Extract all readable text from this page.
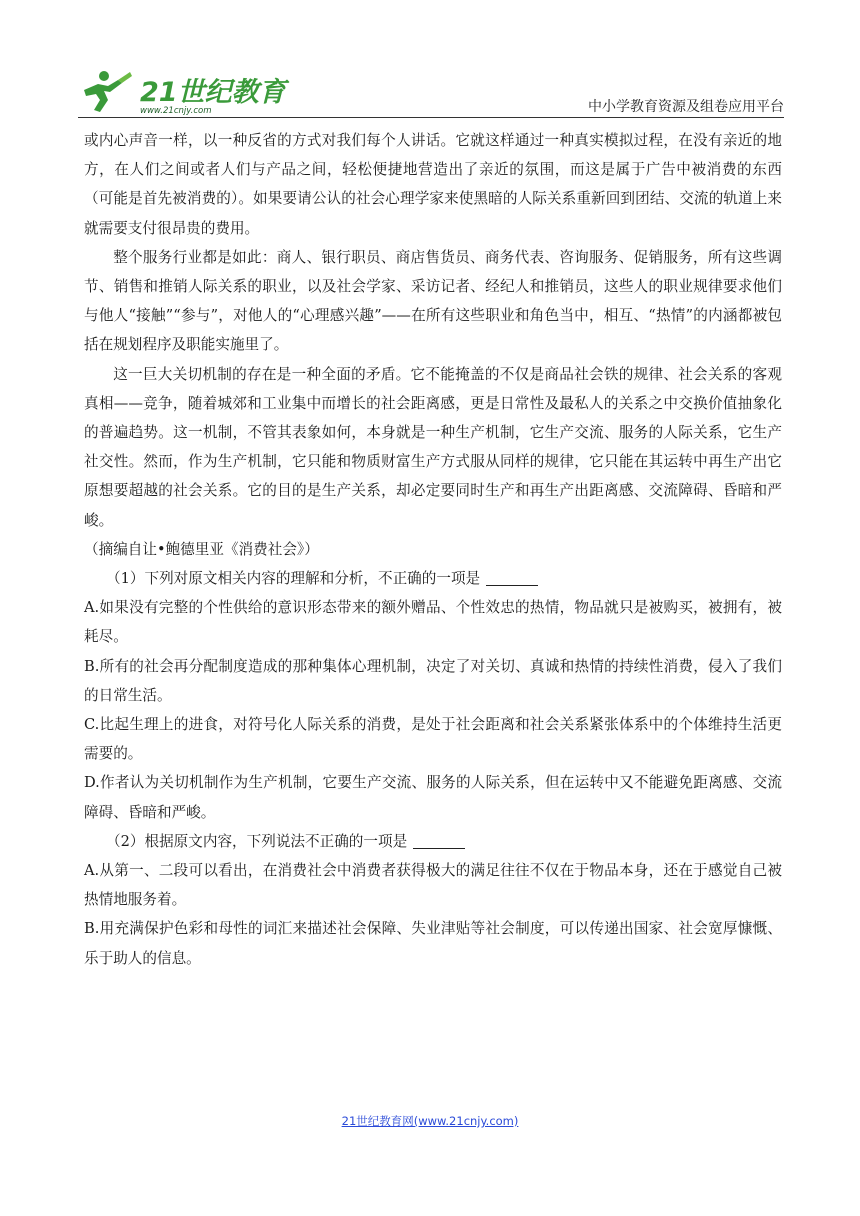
21世纪教育
www.21cnjy.com	中小学教育资源及组卷应用平台

或内心声音一样，以一种反省的方式对我们每个人讲话。它就这样通过一种真实模拟过程，在没有亲近的地方，在人们之间或者人们与产品之间，轻松便捷地营造出了亲近的氛围，而这是属于广告中被消费的东西（可能是首先被消费的）。如果要请公认的社会心理学家来使黑暗的人际关系重新回到团结、交流的轨道上来就需要支付很昂贵的费用。

整个服务行业都是如此：商人、银行职员、商店售货员、商务代表、咨询服务、促销服务，所有这些调节、销售和推销人际关系的职业，以及社会学家、采访记者、经纪人和推销员，这些人的职业规律要求他们与他人“接触”“参与”，对他人的“心理感兴趣”——在所有这些职业和角色当中，相互、“热情”的内涵都被包括在规划程序及职能实施里了。

这一巨大关切机制的存在是一种全面的矛盾。它不能掩盖的不仅是商品社会铁的规律、社会关系的客观真相——竞争，随着城郊和工业集中而增长的社会距离感，更是日常性及最私人的关系之中交换价值抽象化的普遍趋势。这一机制，不管其表象如何，本身就是一种生产机制，它生产交流、服务的人际关系，它生产社交性。然而，作为生产机制，它只能和物质财富生产方式服从同样的规律，它只能在其运转中再生产出它原想要超越的社会关系。它的目的是生产关系，却必定要同时生产和再生产出距离感、交流障碍、昏暗和严峻。

（摘编自让•鲍德里亚《消费社会》）

（1）下列对原文相关内容的理解和分析，不正确的一项是

A.如果没有完整的个性供给的意识形态带来的额外赠品、个性效忠的热情，物品就只是被购买，被拥有，被耗尽。

B.所有的社会再分配制度造成的那种集体心理机制，决定了对关切、真诚和热情的持续性消费，侵入了我们的日常生活。

C.比起生理上的进食，对符号化人际关系的消费，是处于社会距离和社会关系紧张体系中的个体维持生活更需要的。

D.作者认为关切机制作为生产机制，它要生产交流、服务的人际关系，但在运转中又不能避免距离感、交流障碍、昏暗和严峻。

（2）根据原文内容，下列说法不正确的一项是

A.从第一、二段可以看出，在消费社会中消费者获得极大的满足往往不仅在于物品本身，还在于感觉自己被热情地服务着。

B.用充满保护色彩和母性的词汇来描述社会保障、失业津贴等社会制度，可以传递出国家、社会宽厚慷慨、乐于助人的信息。

21世纪教育网(www.21cnjy.com)
